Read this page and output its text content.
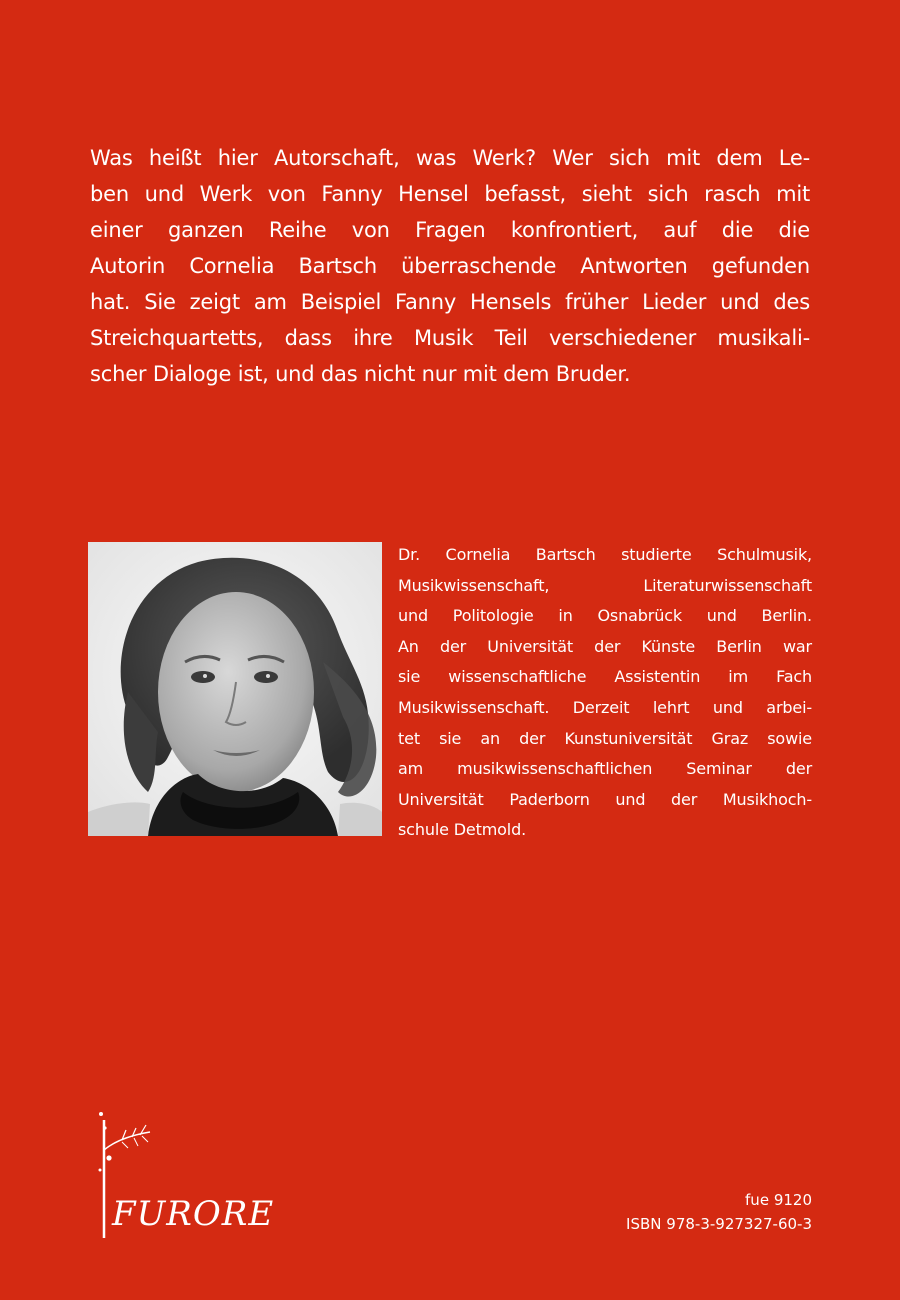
Was heißt hier Autorschaft, was Werk? Wer sich mit dem Le-
ben und Werk von Fanny Hensel befasst, sieht sich rasch mit
einer ganzen Reihe von Fragen konfrontiert, auf die die
Autorin Cornelia Bartsch überraschende Antworten gefunden
hat. Sie zeigt am Beispiel Fanny Hensels früher Lieder und des
Streichquartetts, dass ihre Musik Teil verschiedener musikali-
scher Dialoge ist, und das nicht nur mit dem Bruder.

Dr. Cornelia Bartsch studierte Schulmusik,
Musikwissenschaft, Literaturwissenschaft
und Politologie in Osnabrück und Berlin.
An der Universität der Künste Berlin war
sie wissenschaftliche Assistentin im Fach
Musikwissenschaft. Derzeit lehrt und arbei-
tet sie an der Kunstuniversität Graz sowie
am musikwissenschaftlichen Seminar der
Universität Paderborn und der Musikhoch-
schule Detmold.

FURORE	fue 9120
ISBN 978-3-927327-60-3
